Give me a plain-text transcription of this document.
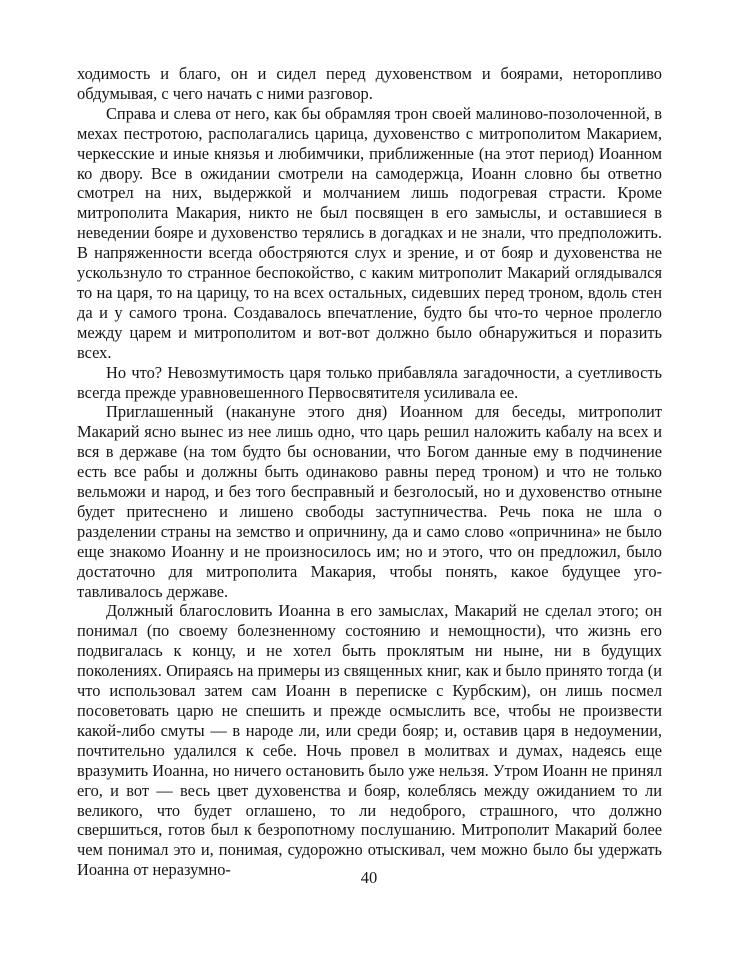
ходимость и благо, он и сидел перед духовенством и боярами, неторопливо обдумывая, с чего начать с ними разговор.

Справа и слева от него, как бы обрамляя трон своей малиново-позолоченной, в мехах пестротою, располагались царица, духовенство с митрополитом Макарием, черкесские и иные князья и любимчики, приближенные (на этот период) Иоанном ко двору. Все в ожидании смотрели на самодержца, Иоанн словно бы ответно смотрел на них, выдержкой и молчанием лишь подогревая страсти. Кроме митрополита Макария, никто не был посвящен в его замыслы, и оставшиеся в неведении бояре и духовенство терялись в догадках и не знали, что предположить. В напряженности всегда обостряются слух и зрение, и от бояр и духовенства не ускользнуло то странное беспокойство, с каким митрополит Макарий оглядывался то на царя, то на царицу, то на всех остальных, сидевших перед троном, вдоль стен да и у самого трона. Создавалось впечатление, будто бы что-то черное пролегло между царем и митрополитом и вот-вот должно было обнаружиться и поразить всех.

Но что? Невозмутимость царя только прибавляла загадочности, а суетливость всегда прежде уравновешенного Первосвятителя усиливала ее.

Приглашенный (накануне этого дня) Иоанном для беседы, митрополит Макарий ясно вынес из нее лишь одно, что царь решил наложить кабалу на всех и вся в державе (на том будто бы основании, что Богом данные ему в подчинение есть все рабы и должны быть одинаково равны перед троном) и что не только вельможи и народ, и без того бесправный и безголосый, но и духовенство отныне будет притеснено и лишено свободы заступничества. Речь пока не шла о разделении страны на земство и опричнину, да и само слово «опричнина» не было еще знакомо Иоанну и не произносилось им; но и этого, что он предложил, было достаточно для митрополита Макария, чтобы понять, какое будущее уготавливалось державе.

Должный благословить Иоанна в его замыслах, Макарий не сделал этого; он понимал (по своему болезненному состоянию и немощности), что жизнь его подвигалась к концу, и не хотел быть проклятым ни ныне, ни в будущих поколениях. Опираясь на примеры из священных книг, как и было принято тогда (и что использовал затем сам Иоанн в переписке с Курбским), он лишь посмел посоветовать царю не спешить и прежде осмыслить все, чтобы не произвести какой-либо смуты — в народе ли, или среди бояр; и, оставив царя в недоумении, почтительно удалился к себе. Ночь провел в молитвах и думах, надеясь еще вразумить Иоанна, но ничего остановить было уже нельзя. Утром Иоанн не принял его, и вот — весь цвет духовенства и бояр, колеблясь между ожиданием то ли великого, что будет оглашено, то ли недоброго, страшного, что должно свершиться, готов был к безропотному послушанию. Митрополит Макарий более чем понимал это и, понимая, судорожно отыскивал, чем можно было бы удержать Иоанна от неразумно-	40
